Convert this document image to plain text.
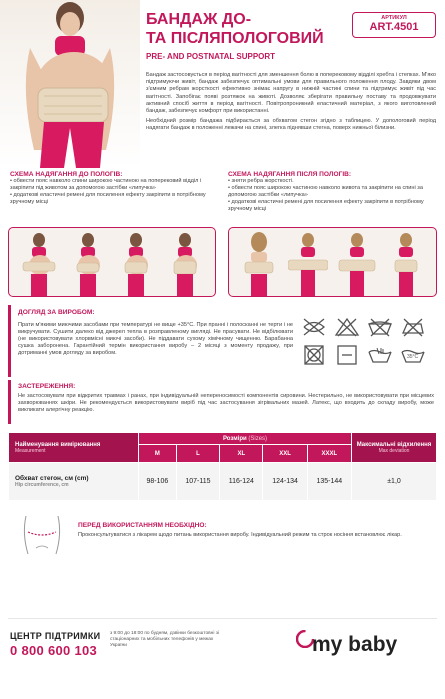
БАНДАЖ ДО-
ТА ПІСЛЯПОЛОГОВИЙ
PRE- AND POSTNATAL SUPPORT
АРТИКУЛ
ART.4501

Бандаж застосовується в період вагітності для зменшення болю в поперековому відділі хребта і степках. М'яко підтримуючи живіт, бандаж забезпечує оптимальні умови для правильного положення плоду. Завдяки двом з'ємним ребрам жорсткості ефективно знімає напругу в нижній частині спини та підтримує живіт під час вагітності. Запобігає появі розтяжок на животі. Дозволяє зберігати правильну поставу та продовжувати активний спосіб життя в період вагітності. Повітропроникний еластичний матеріал, з якого виготовлений бандаж, забезпечує комфорт при використанні.

Необхідний розмір бандажа підбирається за обхватом стегон згідно з таблицею. У допологовий період надягати бандаж в положенні лежачи на спині, злегка піднявши стегна, поверх нижньої білизни.

СХЕМА НАДЯГАННЯ ДО ПОЛОГІВ:
• обвести пояс навколо спини широкою частиною на поперековий відділ і закріпити під животом за допомогою застібки «липучка»
• додаткові еластичні ремені для посилення ефекту закріпити в потрібному зручному місці
СХЕМА НАДЯГАННЯ ПІСЛЯ ПОЛОГІВ:
• зняти ребра жорсткості.
• обвести пояс широкою частиною навколо живота та закріпити на спині за допомогою застібки «липучка»
• додаткові еластичні ремені для посилення ефекту закріпити в потрібному зручному місці
ДОГЛЯД ЗА ВИРОБОМ:
Прати м'якими миючими засобами при температурі не вище +35°С. При пранні і полосканні не терти і не викручувати. Сушити далеко від джерел тепла в розправленому вигляді. Не прасувати. Не відбілювати (не використовувати хлорвмісні миючі засоби). Не піддавати сухому хімічному чищенню. Барабанна сушка заборонена. Гарантійний термін використання виробу – 2 місяці з моменту продажу, при дотриманні умов догляду за виробом.
35°C
ЗАСТЕРЕЖЕННЯ:
Не застосовувати при відкритих травмах і ранах, при індивідуальній непереносимості компонентів сировини. Нестерильно, не використовувати при місцевих захворюваннях шкіри. Не рекомендується використовувати виріб під час застосування зігрівальних мазей. Латекс, що входить до складу виробу, може викликати алергічну реакцію.
Найменування вимірювання
Measurement	Розміри (Sizes)					Максимальні відхилення
Max deviation

	M	L	XL	XXL	XXXL	
Обхват стегон, см (cm)
Hip circumference, cm	98-106	107-115	116-124	124-134	135-144	±1,0
ПЕРЕД ВИКОРИСТАННЯМ НЕОБХІДНО:
Проконсультуватися з лікарем щодо питань використання виробу. Індивідуальний режим та строк носіння встановлює лікар.
ЦЕНТР ПІДТРИМКИ
0 800 600 103
з 9:00 до 18:00 по будням, дзвінки безкоштовні зі стаціонарних та мобільних телефонів у межах України	my baby
